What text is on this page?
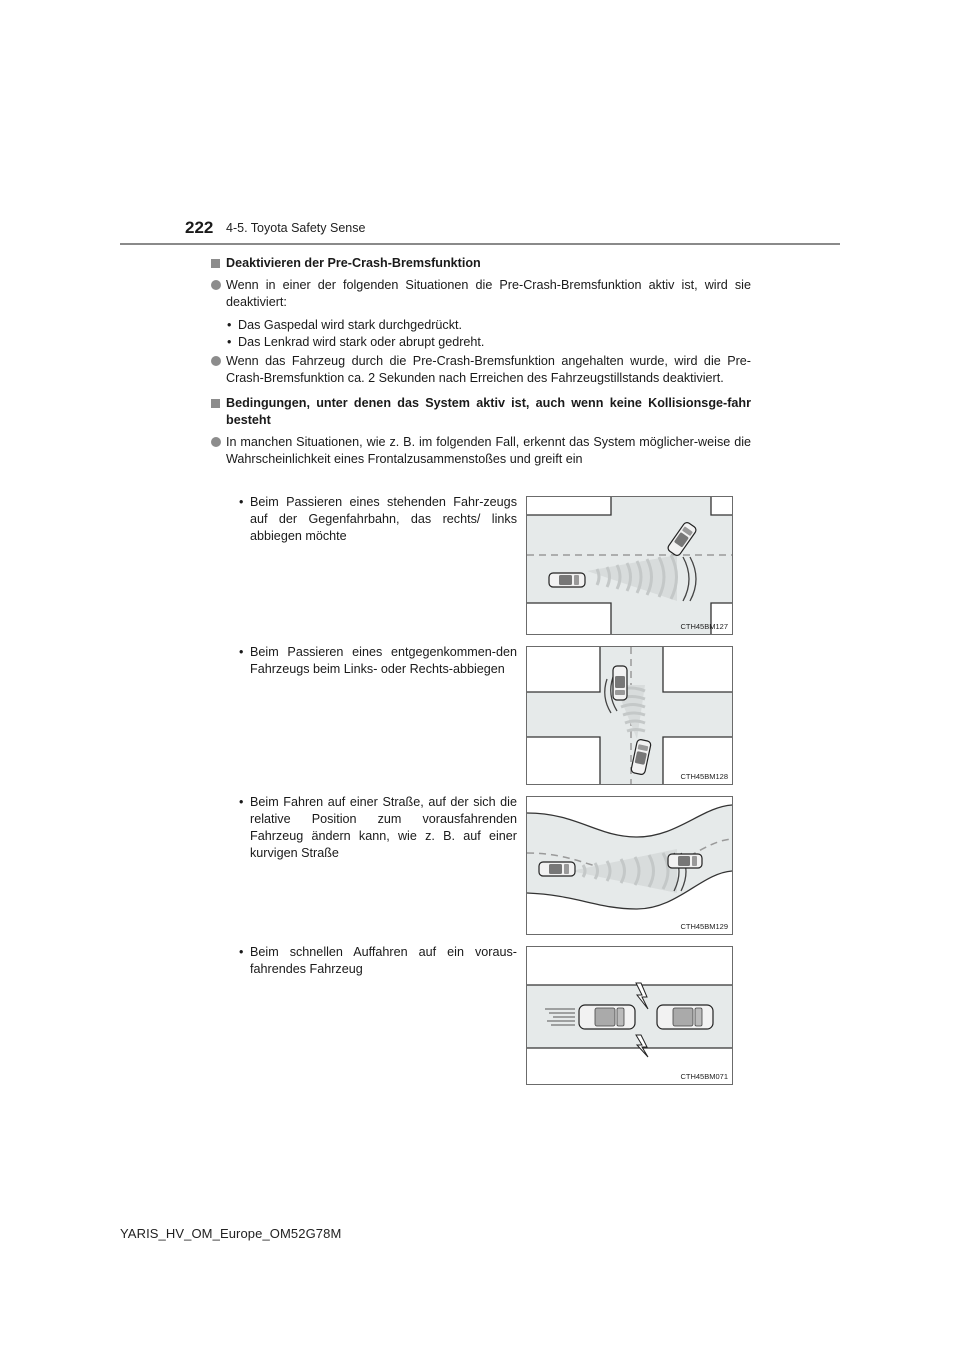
222 4-5. Toyota Safety Sense
Deaktivieren der Pre-Crash-Bremsfunktion
Wenn in einer der folgenden Situationen die Pre-Crash-Bremsfunktion aktiv ist, wird sie deaktiviert:
• Das Gaspedal wird stark durchgedrückt.
• Das Lenkrad wird stark oder abrupt gedreht.
Wenn das Fahrzeug durch die Pre-Crash-Bremsfunktion angehalten wurde, wird die Pre-Crash-Bremsfunktion ca. 2 Sekunden nach Erreichen des Fahrzeugstillstands deaktiviert.
Bedingungen, unter denen das System aktiv ist, auch wenn keine Kollisionsge-fahr besteht
In manchen Situationen, wie z. B. im folgenden Fall, erkennt das System möglicher-weise die Wahrscheinlichkeit eines Frontalzusammenstoßes und greift ein
• Beim Passieren eines stehenden Fahr-zeugs auf der Gegenfahrbahn, das rechts/ links abbiegen möchte
CTH45BM127
• Beim Passieren eines entgegenkommen-den Fahrzeugs beim Links- oder Rechts-abbiegen
CTH45BM128
• Beim Fahren auf einer Straße, auf der sich die relative Position zum vorausfahrenden Fahrzeug ändern kann, wie z. B. auf einer kurvigen Straße
CTH45BM129
• Beim schnellen Auffahren auf ein voraus-fahrendes Fahrzeug
CTH45BM071
YARIS_HV_OM_Europe_OM52G78M
